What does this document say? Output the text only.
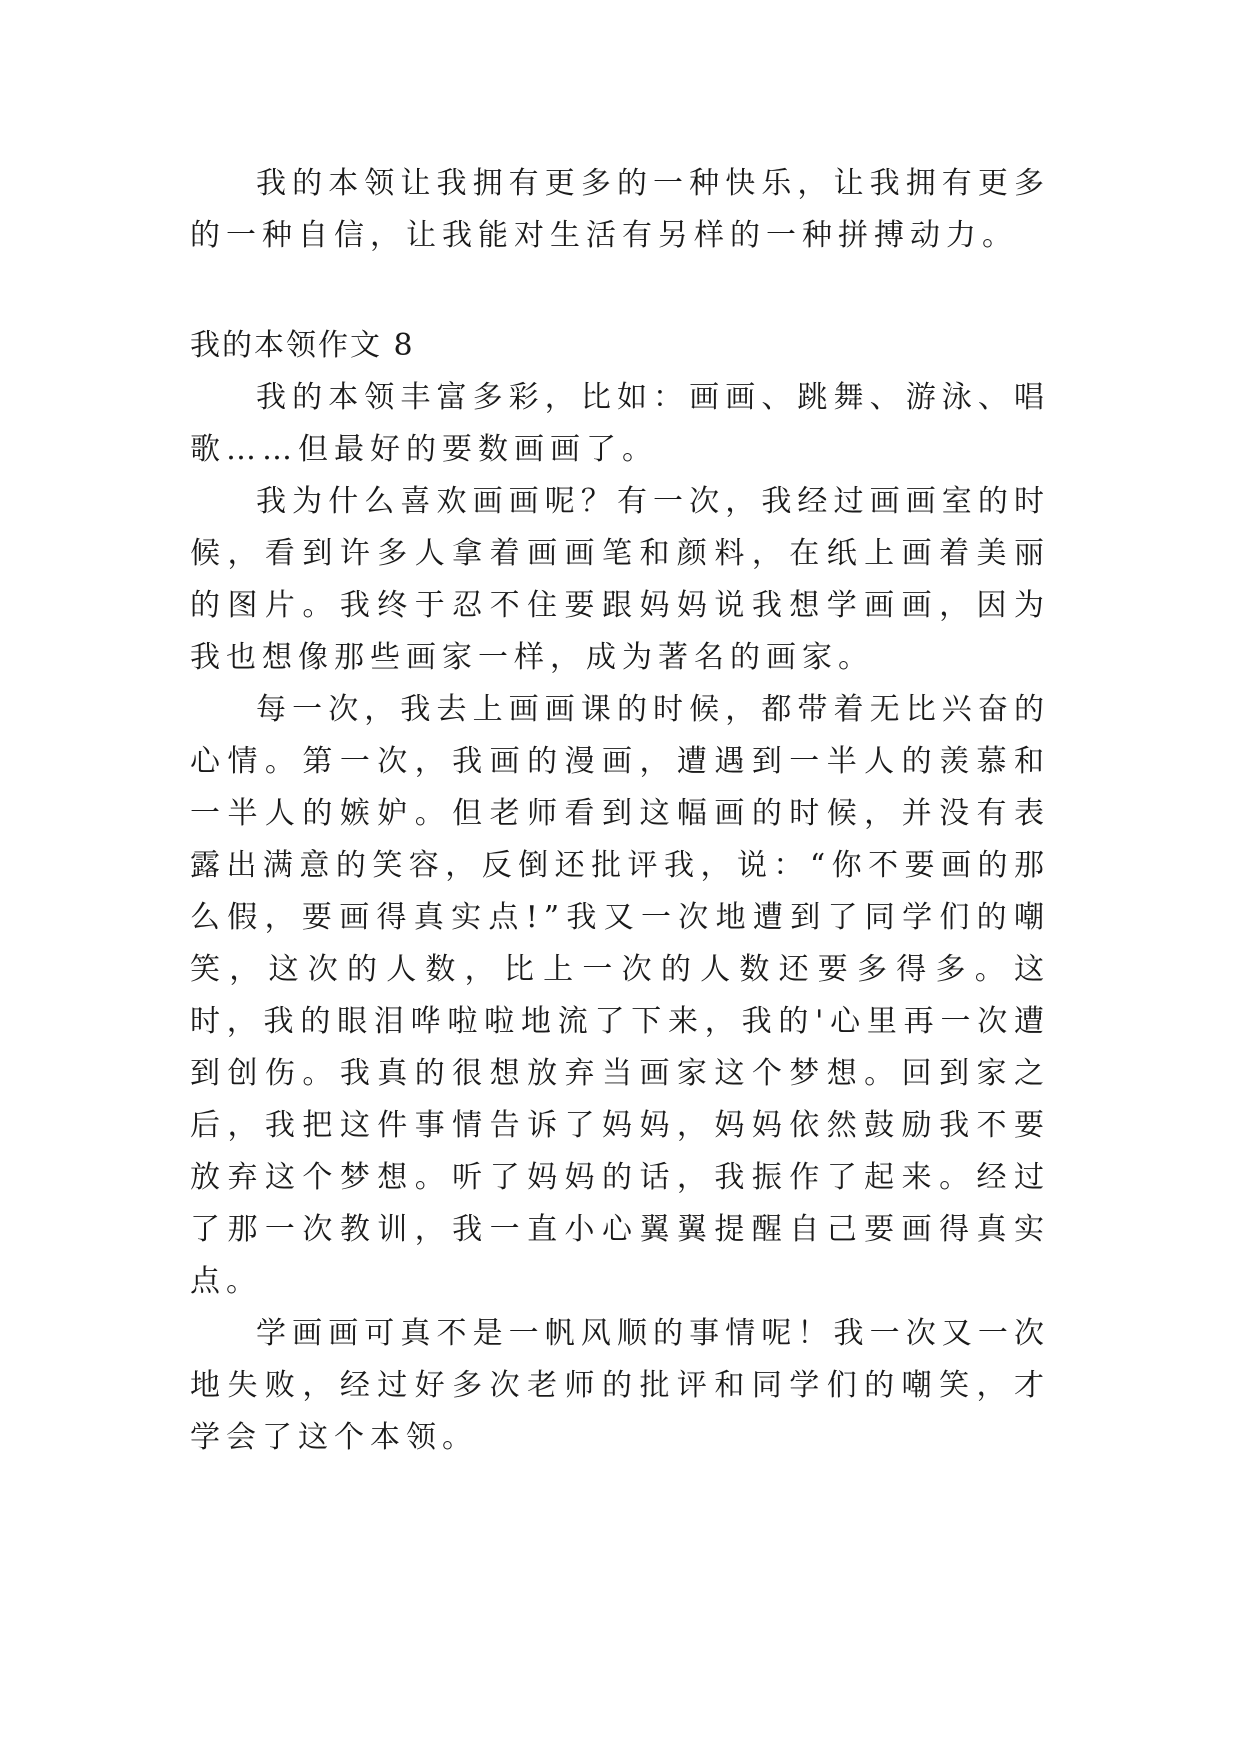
我的本领让我拥有更多的一种快乐，让我拥有更多的一种自信，让我能对生活有另样的一种拼搏动力。

我的本领作文 8

我的本领丰富多彩，比如：画画、跳舞、游泳、唱歌……但最好的要数画画了。

我为什么喜欢画画呢？有一次，我经过画画室的时候，看到许多人拿着画画笔和颜料，在纸上画着美丽的图片。我终于忍不住要跟妈妈说我想学画画，因为我也想像那些画家一样，成为著名的画家。

每一次，我去上画画课的时候，都带着无比兴奋的心情。第一次，我画的漫画，遭遇到一半人的羡慕和一半人的嫉妒。但老师看到这幅画的时候，并没有表露出满意的笑容，反倒还批评我，说：“你不要画的那么假，要画得真实点!”我又一次地遭到了同学们的嘲笑，这次的人数，比上一次的人数还要多得多。这时，我的眼泪哗啦啦地流了下来，我的'心里再一次遭到创伤。我真的很想放弃当画家这个梦想。回到家之后，我把这件事情告诉了妈妈，妈妈依然鼓励我不要放弃这个梦想。听了妈妈的话，我振作了起来。经过了那一次教训，我一直小心翼翼提醒自己要画得真实点。

学画画可真不是一帆风顺的事情呢！我一次又一次地失败，经过好多次老师的批评和同学们的嘲笑，才学会了这个本领。
